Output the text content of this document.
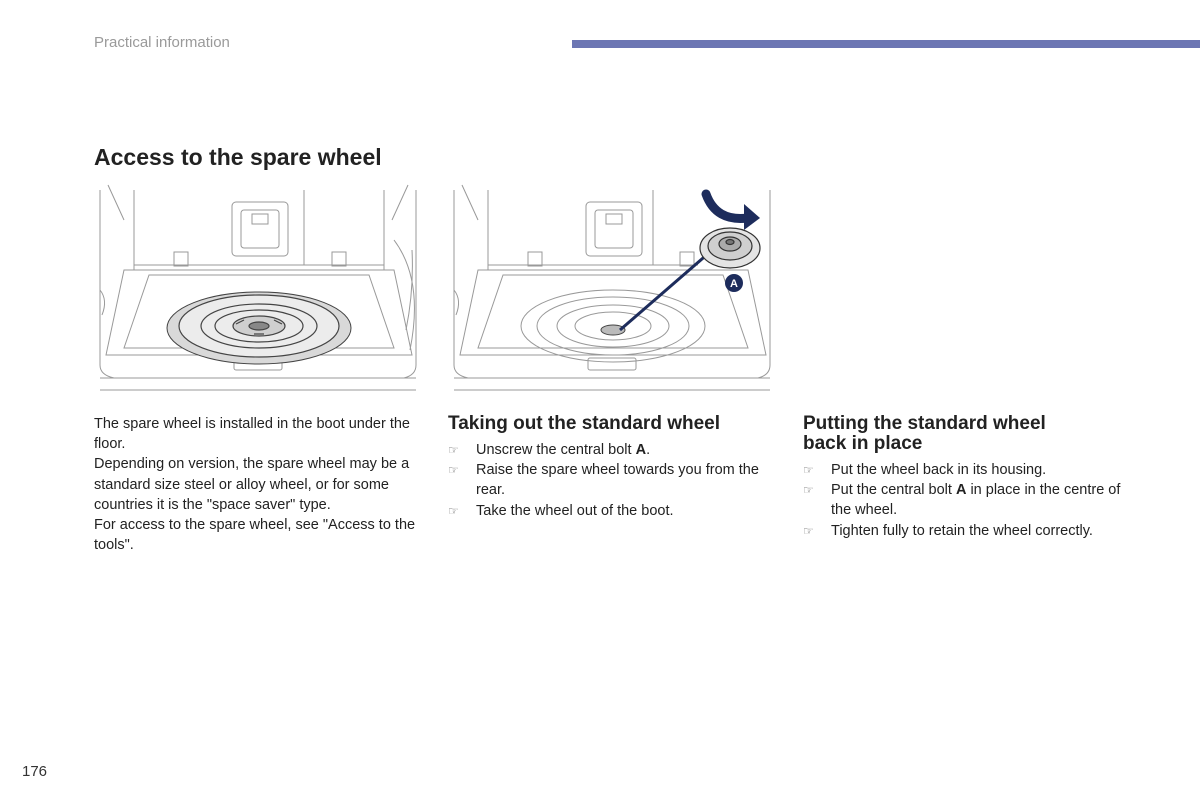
Practical information
Access to the spare wheel
A

The spare wheel is installed in the boot under the floor.

Depending on version, the spare wheel may be a standard size steel or alloy wheel, or for some countries it is the "space saver" type.

For access to the spare wheel, see "Access to the tools".

Taking out the standard wheel
☞ Unscrew the central bolt A.
☞ Raise the spare wheel towards you from the rear.
☞ Take the wheel out of the boot.
Putting the standard wheel
back in place
☞ Put the wheel back in its housing.
☞ Put the central bolt A in place in the centre of the wheel.
☞ Tighten fully to retain the wheel correctly.
176
